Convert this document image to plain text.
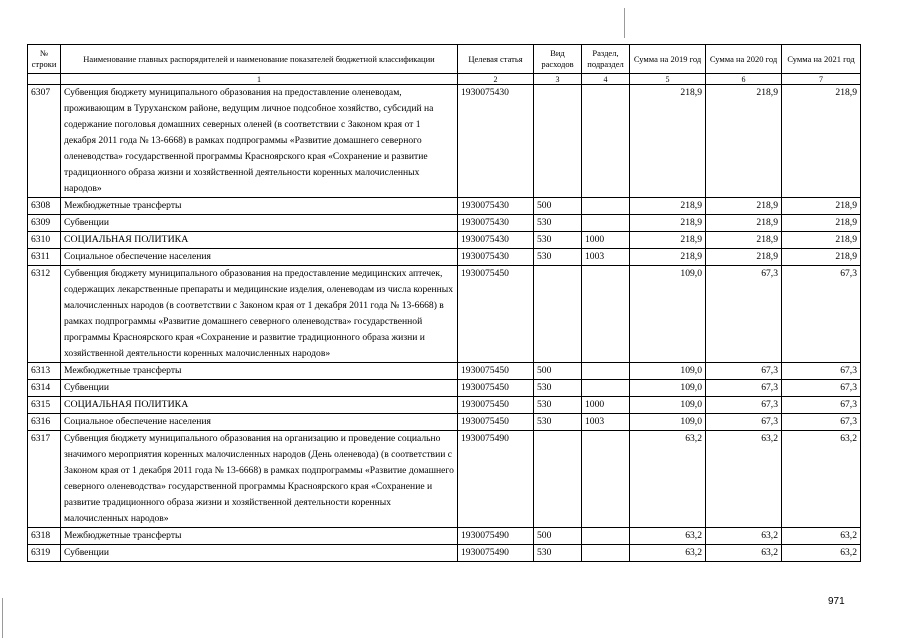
№ строки	Наименование главных распорядителей и наименование показателей бюджетной классификации	Целевая статья	Вид расходов	Раздел, подраздел	Сумма на 2019 год	Сумма на 2020 год	Сумма на 2021 год
	1	2	3	4	5	6	7
6307	Субвенция бюджету муниципального образования на предоставление оленеводам, проживающим в Туруханском районе, ведущим личное подсобное хозяйство, субсидий на содержание поголовья домашних северных оленей (в соответствии с Законом края от 1 декабря 2011 года № 13-6668) в рамках подпрограммы «Развитие домашнего северного оленеводства» государственной программы Красноярского края «Сохранение и развитие традиционного образа жизни и хозяйственной деятельности коренных малочисленных народов»	1930075430			218,9	218,9	218,9
6308	Межбюджетные трансферты	1930075430	500		218,9	218,9	218,9
6309	Субвенции	1930075430	530		218,9	218,9	218,9
6310	СОЦИАЛЬНАЯ ПОЛИТИКА	1930075430	530	1000	218,9	218,9	218,9
6311	Социальное обеспечение населения	1930075430	530	1003	218,9	218,9	218,9
6312	Субвенция бюджету муниципального образования на предоставление медицинских аптечек, содержащих лекарственные препараты и медицинские изделия, оленеводам из числа коренных малочисленных народов (в соответствии с Законом края от 1 декабря 2011 года № 13-6668) в рамках подпрограммы «Развитие домашнего северного оленеводства» государственной программы Красноярского края «Сохранение и развитие традиционного образа жизни и хозяйственной деятельности коренных малочисленных народов»	1930075450			109,0	67,3	67,3
6313	Межбюджетные трансферты	1930075450	500		109,0	67,3	67,3
6314	Субвенции	1930075450	530		109,0	67,3	67,3
6315	СОЦИАЛЬНАЯ ПОЛИТИКА	1930075450	530	1000	109,0	67,3	67,3
6316	Социальное обеспечение населения	1930075450	530	1003	109,0	67,3	67,3
6317	Субвенция бюджету муниципального образования на организацию и проведение социально значимого мероприятия коренных малочисленных народов (День оленевода) (в соответствии с Законом края от 1 декабря 2011 года № 13-6668) в рамках подпрограммы «Развитие домашнего северного оленеводства» государственной программы Красноярского края «Сохранение и развитие традиционного образа жизни и хозяйственной деятельности коренных малочисленных народов»	1930075490			63,2	63,2	63,2
6318	Межбюджетные трансферты	1930075490	500		63,2	63,2	63,2
6319	Субвенции	1930075490	530		63,2	63,2	63,2
971
